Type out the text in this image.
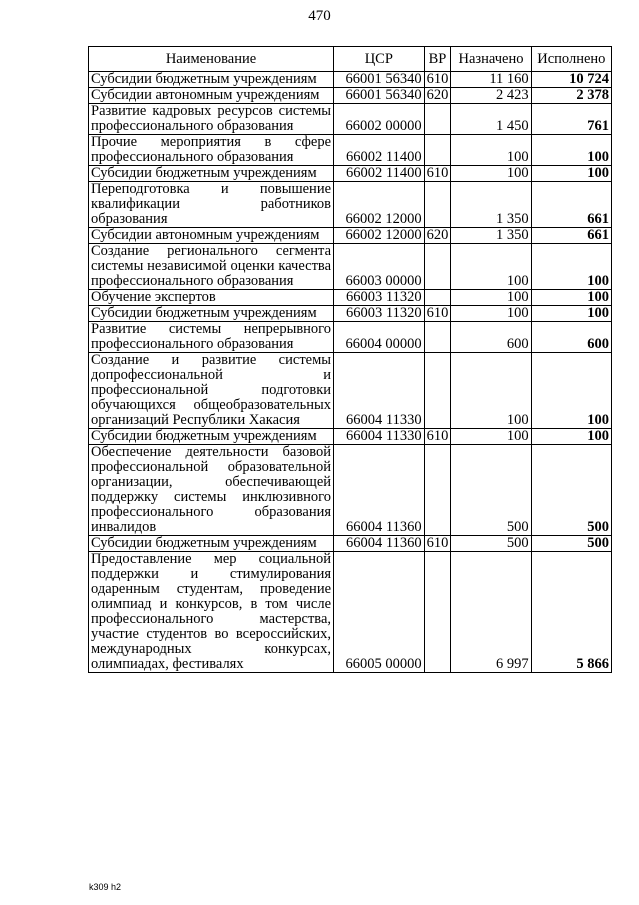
470
Наименование	ЦСР	ВР	Назначено	Исполнено
Субсидии бюджетным учреждениям	66001 56340	610	11 160	10 724
Субсидии автономным учреждениям	66001 56340	620	2 423	2 378
Развитие кадровых ресурсов системы профессионального образования	66002 00000		1 450	761
Прочие мероприятия в сфере профессионального образования	66002 11400		100	100
Субсидии бюджетным учреждениям	66002 11400	610	100	100
Переподготовка и повышение квалификации работников образования	66002 12000		1 350	661
Субсидии автономным учреждениям	66002 12000	620	1 350	661
Создание регионального сегмента системы независимой оценки качества профессионального образования	66003 00000		100	100
Обучение экспертов	66003 11320		100	100
Субсидии бюджетным учреждениям	66003 11320	610	100	100
Развитие системы непрерывного профессионального образования	66004 00000		600	600
Создание и развитие системы допрофессиональной и профессиональной подготовки обучающихся общеобразовательных организаций Республики Хакасия	66004 11330		100	100
Субсидии бюджетным учреждениям	66004 11330	610	100	100
Обеспечение деятельности базовой профессиональной образовательной организации, обеспечивающей поддержку системы инклюзивного профессионального образования инвалидов	66004 11360		500	500
Субсидии бюджетным учреждениям	66004 11360	610	500	500
Предоставление мер социальной поддержки и стимулирования одаренным студентам, проведение олимпиад и конкурсов, в том числе профессионального мастерства, участие студентов во всероссийских, международных конкурсах, олимпиадах, фестивалях	66005 00000		6 997	5 866
k309 h2
